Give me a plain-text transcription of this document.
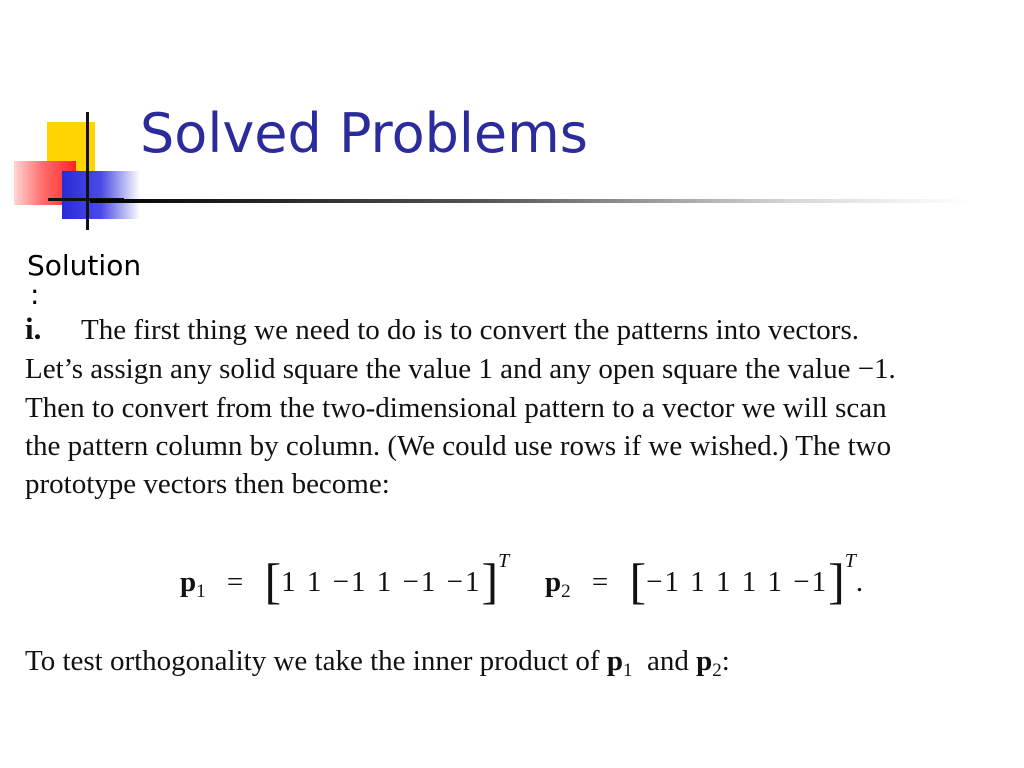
Solved Problems
Solution
:
i. The first thing we need to do is to convert the patterns into vectors.
Let’s assign any solid square the value 1 and any open square the value −1.
Then to convert from the two-dimensional pattern to a vector we will scan
the pattern column by column. (We could use rows if we wished.) The two
prototype vectors then become:
$p_1 = [1$ 1 −1 1 −1 −1]$^T$
$p_2 = [-1$ 1 1 1 1 −1]$^T$.
To test orthogonality we take the inner product of $p_1$ and $p_2$:
